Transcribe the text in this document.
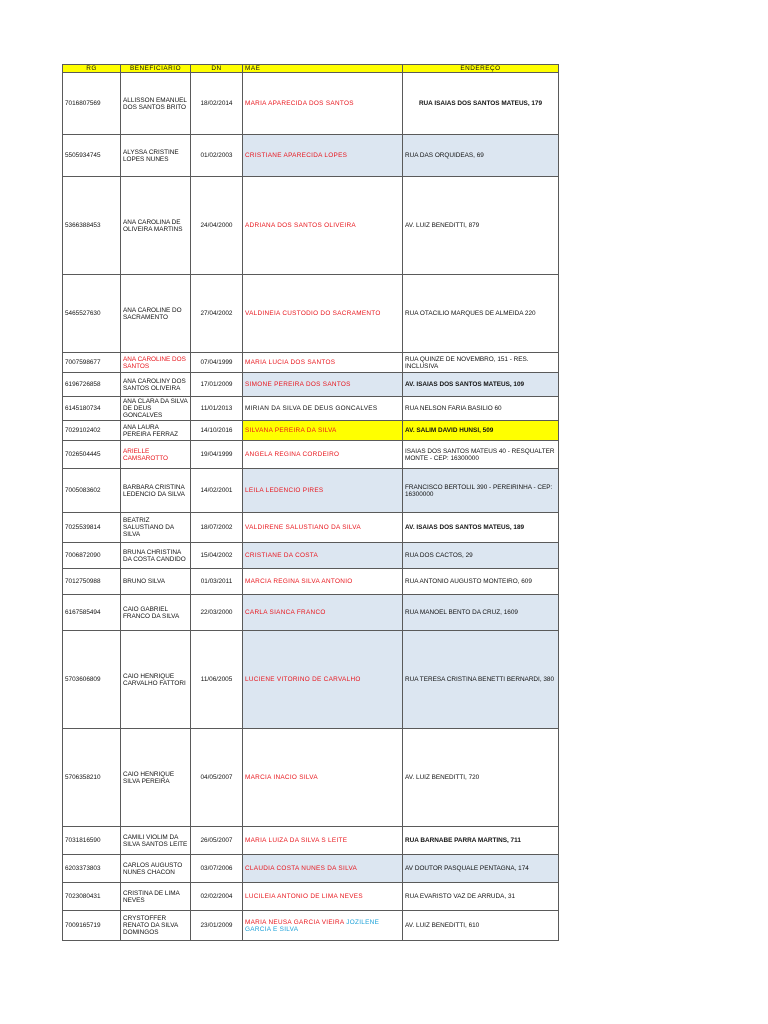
RG	BENEFICIARIO	DN	MÃE	ENDEREÇO
7016807569	ALLISSON EMANUEL DOS SANTOS BRITO	18/02/2014	MARIA APARECIDA DOS SANTOS	RUA ISAIAS DOS SANTOS MATEUS, 179
5505934745	ALYSSA CRISTINE LOPES NUNES	01/02/2003	CRISTIANE APARECIDA LOPES	RUA DAS ORQUIDEAS, 69
5366388453	ANA CAROLINA DE OLIVEIRA MARTINS	24/04/2000	ADRIANA DOS SANTOS OLIVEIRA	AV. LUIZ BENEDITTI, 879
5465527630	ANA CAROLINE DO SACRAMENTO	27/04/2002	VALDINEIA CUSTODIO DO SACRAMENTO	RUA OTACILIO MARQUES DE ALMEIDA 220
7007598677	ANA CAROLINE DOS SANTOS	07/04/1999	MARIA LUCIA DOS SANTOS	RUA QUINZE DE NOVEMBRO, 151 - RES. INCLUSIVA
6196726858	ANA CAROLINY DOS SANTOS OLIVEIRA	17/01/2009	SIMONE PEREIRA DOS SANTOS	AV. ISAIAS DOS SANTOS MATEUS, 109
6145180734	ANA CLARA DA SILVA DE DEUS GONCALVES	11/01/2013	MIRIAN DA SILVA DE DEUS GONCALVES	RUA NELSON FARIA BASILIO 60
7029102402	ANA LAURA PEREIRA FERRAZ	14/10/2016	SILVANA PEREIRA DA SILVA	AV. SALIM DAVID HUNSI, 509
7026504445	ARIELLE CAMSAROTTO	19/04/1999	ANGELA REGINA CORDEIRO	ISAIAS DOS SANTOS MATEUS 40 - RESQUALTER MONTE - CEP: 16300000
7005083602	BARBARA CRISTINA LEDENCIO DA SILVA	14/02/2001	LEILA LEDENCIO PIRES	FRANCISCO BERTOLIL 390 - PEREIRINHA - CEP: 16300000
7025539814	BEATRIZ SALUSTIANO DA SILVA	18/07/2002	VALDIRENE SALUSTIANO DA SILVA	AV. ISAIAS DOS SANTOS MATEUS, 189
7006872090	BRUNA CHRISTINA DA COSTA CANDIDO	15/04/2002	CRISTIANE DA COSTA	RUA DOS CACTOS, 29
7012750988	BRUNO SILVA	01/03/2011	MARCIA REGINA SILVA ANTONIO	RUA ANTONIO AUGUSTO MONTEIRO, 609
6167585494	CAIO GABRIEL FRANCO DA SILVA	22/03/2000	CARLA SIANCA FRANCO	RUA MANOEL BENTO DA CRUZ, 1609
5703606809	CAIO HENRIQUE CARVALHO FATTORI	11/06/2005	LUCIENE VITORINO DE CARVALHO	RUA TERESA CRISTINA BENETTI BERNARDI, 380
5706358210	CAIO HENRIQUE SILVA PEREIRA	04/05/2007	MARCIA INACIO SILVA	AV. LUIZ BENEDITTI, 720
7031816590	CAMILI VIOLIM DA SILVA SANTOS LEITE	26/05/2007	MARIA LUIZA DA SILVA S LEITE	RUA BARNABE PARRA MARTINS, 711
6203373803	CARLOS AUGUSTO NUNES CHACON	03/07/2006	CLAUDIA COSTA NUNES DA SILVA	AV DOUTOR PASQUALE PENTAGNA, 174
7023080431	CRISTINA DE LIMA NEVES	02/02/2004	LUCILEIA ANTONIO DE LIMA NEVES	RUA EVARISTO VAZ DE ARRUDA, 31
7009165719	CRYSTOFFER RENATO DA SILVA DOMINGOS	23/01/2009	MARIA NEUSA GARCIA VIEIRA JOZILENE GARCIA E SILVA	AV. LUIZ BENEDITTI, 610
